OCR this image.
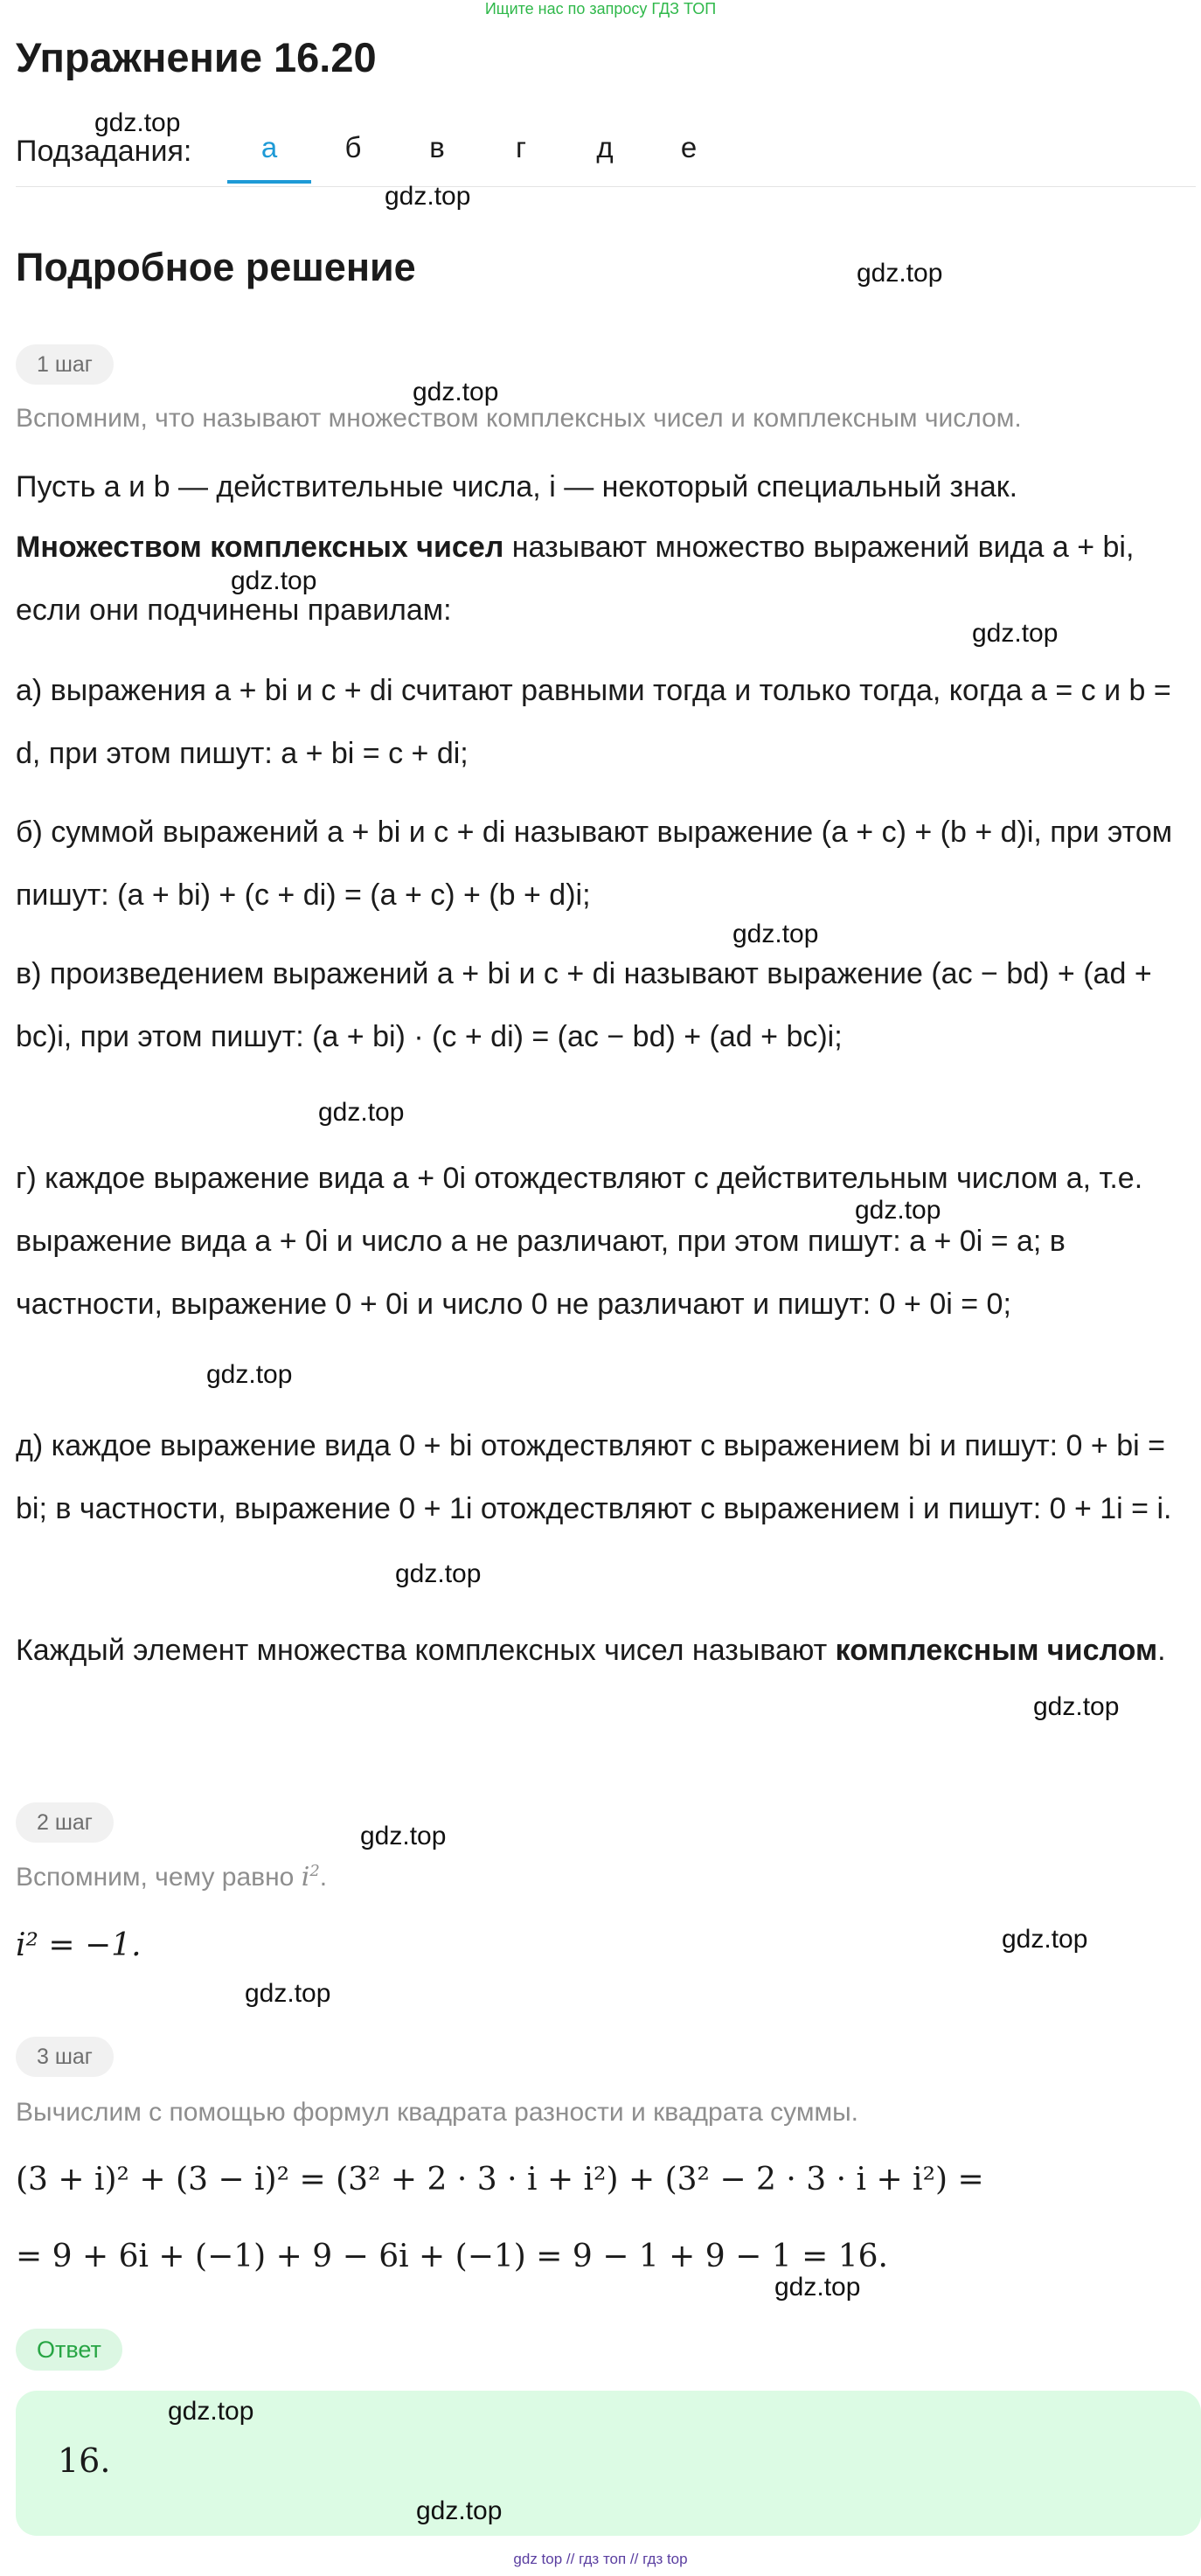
Ищите нас по запросу ГДЗ ТОП
Упражнение 16.20
Подзадания:	а	б	в	г	д	е
Подробное решение
1 шаг
Вспомним, что называют множеством комплексных чисел и комплексным числом.
Пусть a и b — действительные числа, i — некоторый специальный знак.
Множеством комплексных чисел называют множество выражений вида a + bi, если они подчинены правилам:
а) выражения a + bi и c + di считают равными тогда и только тогда, когда a = c и b = d, при этом пишут: a + bi = c + di;
б) суммой выражений a + bi и c + di называют выражение (a + c) + (b + d)i, при этом пишут: (a + bi) + (c + di) = (a + c) + (b + d)i;
в) произведением выражений a + bi и c + di называют выражение (ac − bd) + (ad + bc)i, при этом пишут: (a + bi) · (c + di) = (ac − bd) + (ad + bc)i;
г) каждое выражение вида a + 0i отождествляют с действительным числом a, т.е. выражение вида a + 0i и число a не различают, при этом пишут: a + 0i = a; в частности, выражение 0 + 0i и число 0 не различают и пишут: 0 + 0i = 0;
д) каждое выражение вида 0 + bi отождествляют с выражением bi и пишут: 0 + bi = bi; в частности, выражение 0 + 1i отождествляют с выражением i и пишут: 0 + 1i = i.
Каждый элемент множества комплексных чисел называют комплексным числом.
2 шаг
Вспомним, чему равно $i^2$.
i² = −1.
3 шаг
Вычислим с помощью формул квадрата разности и квадрата суммы.
(3 + i)² + (3 − i)² = (3² + 2 · 3 · i + i²) + (3² − 2 · 3 · i + i²) =
= 9 + 6i + (−1) + 9 − 6i + (−1) = 9 − 1 + 9 − 1 = 16.
Ответ
16.
gdz.top
gdz.top
gdz.top
gdz.top
gdz.top
gdz.top
gdz.top
gdz.top
gdz.top
gdz.top
gdz.top
gdz.top
gdz.top
gdz.top
gdz.top
gdz.top
gdz.top
gdz.top
gdz top // гдз топ // гдз top
